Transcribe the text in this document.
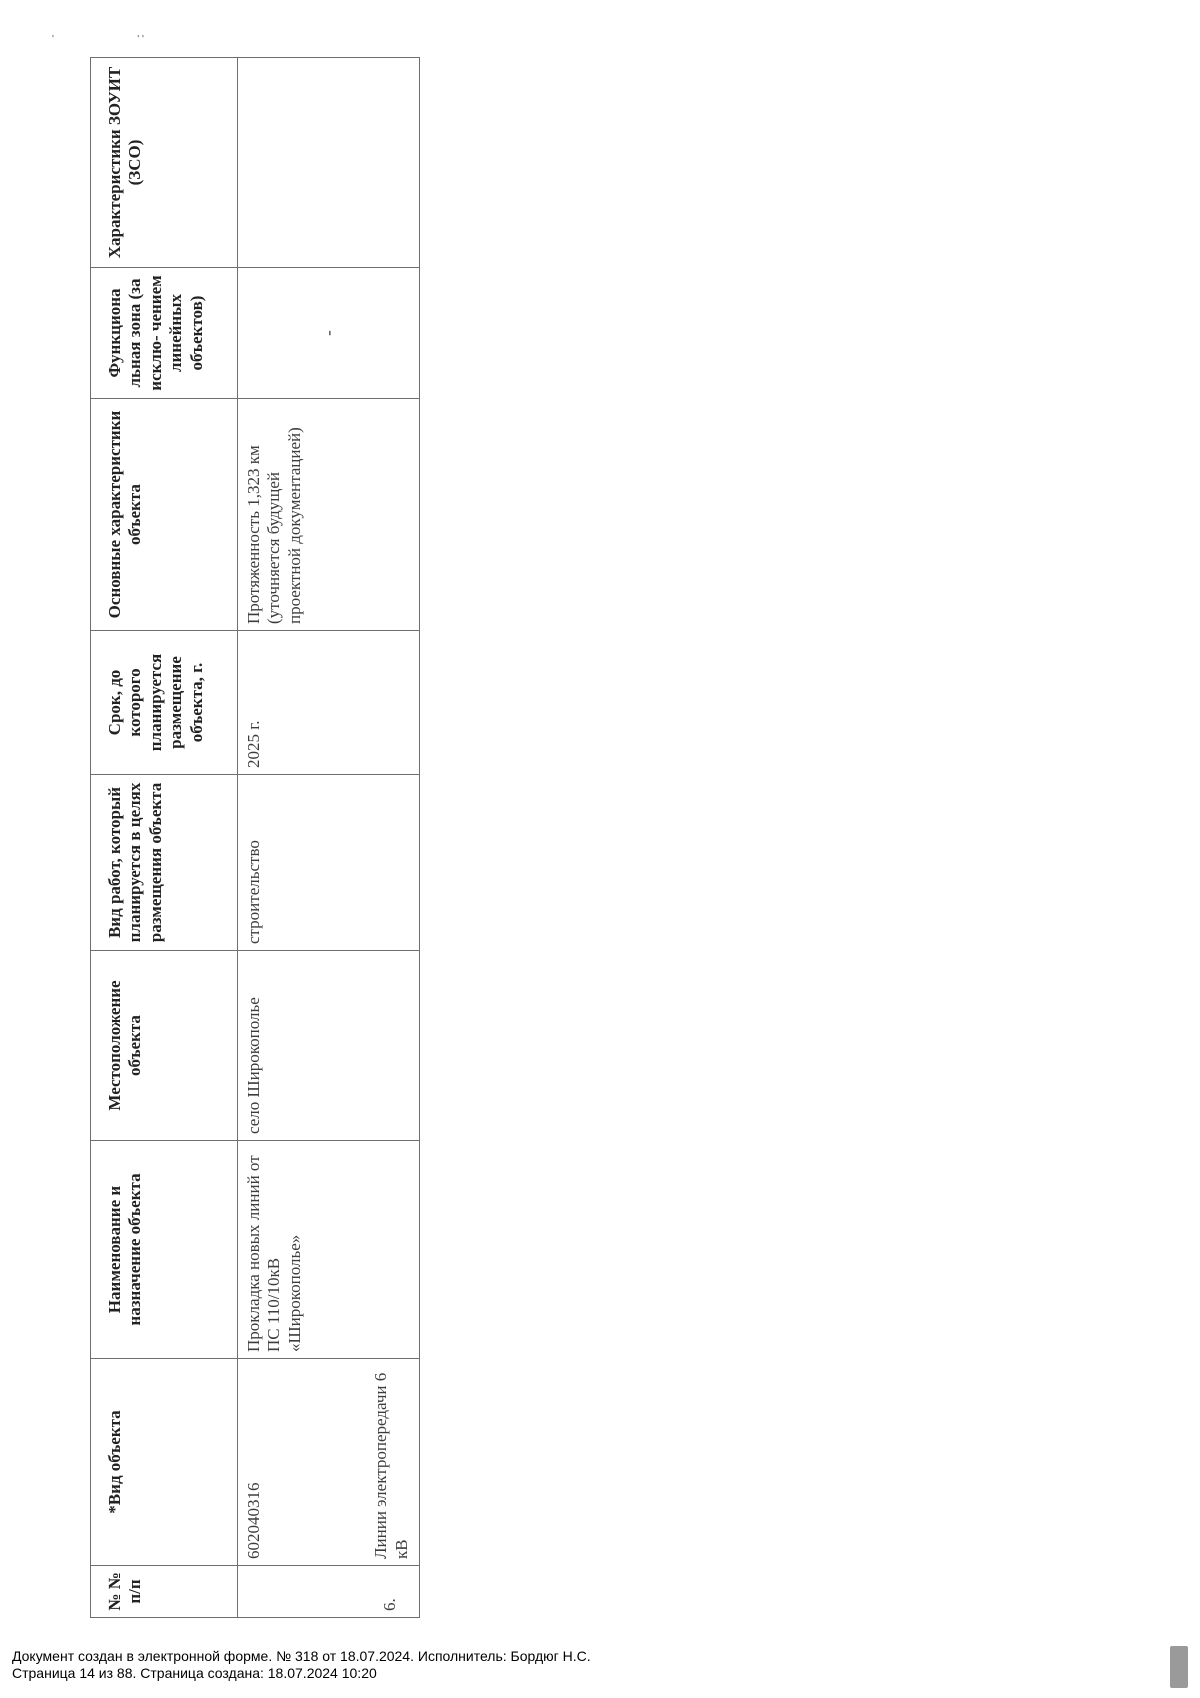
'                              ' '
№ № п/п	*Вид объекта	Наименование и назначение объекта	Местоположение объекта	Вид работ, который планируется в целях размещения объекта	Срок, до которого планируется размещение объекта, г.	Основные характеристики объекта	Функциона льная зона (за исклю- чением линейных объектов)	Характеристики ЗОУИТ (ЗСО)

6.	602040316 Линии электропередачи 6 кВ	Прокладка новых линий от ПС 110/10кВ «Широкополье»	село Широкополье	строительство	2025 г.	Протяженность 1,323 км (уточняется будущей проектной документацией)	-	
Документ создан в электронной форме. № 318 от 18.07.2024. Исполнитель: Бордюг Н.С.
Страница 14 из 88. Страница создана: 18.07.2024 10:20
